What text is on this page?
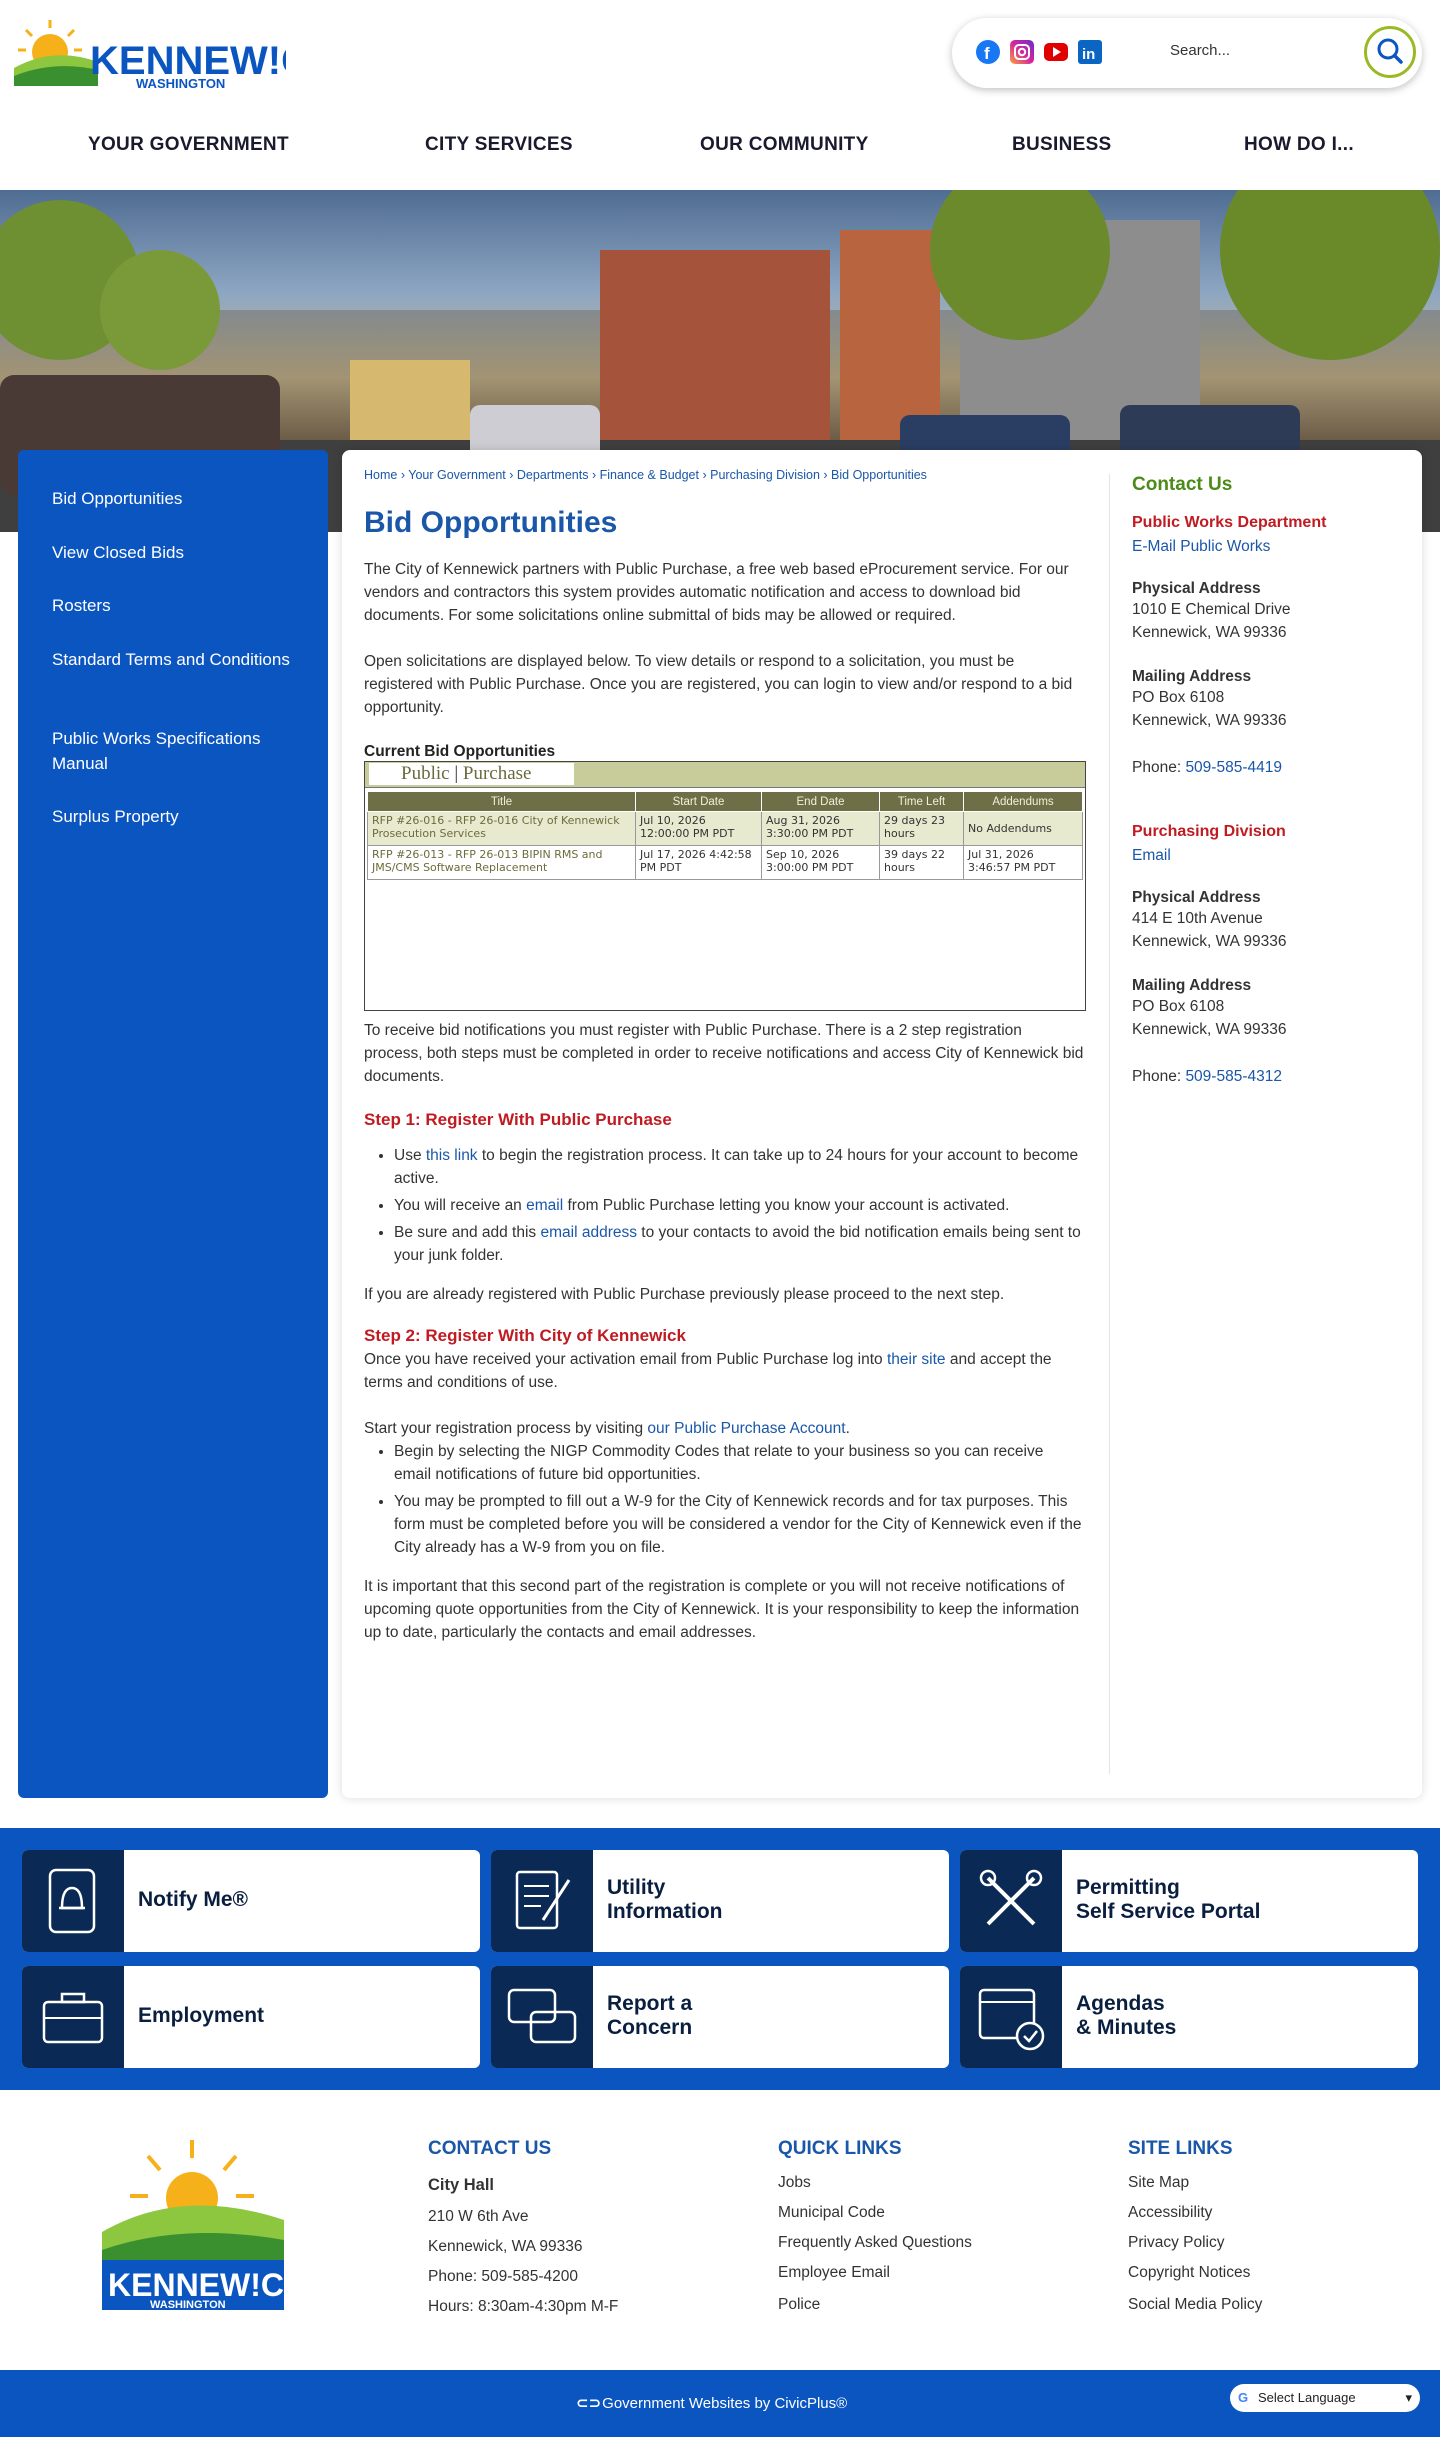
KENNEW!
WASHINGTON
f	in	Search...
YOUR GOVERNMENT	CITY SERVICES	OUR COMMUNITY	BUSINESS	HOW DO I...
Bid Opportunities
View Closed Bids
Rosters
Standard Terms and Conditions
Public Works Specifications Manual
Surplus Property
Home › Your Government › Departments › Finance & Budget › Purchasing Division › Bid Opportunities
Bid Opportunities

The City of Kennewick partners with Public Purchase, a free web based eProcurement service. For our vendors and contractors this system provides automatic notification and access to download bid documents. For some solicitations online submittal of bids may be allowed or required.

Open solicitations are displayed below. To view details or respond to a solicitation, you must be registered with Public Purchase. Once you are registered, you can login to view and/or respond to a bid opportunity.

Current Bid Opportunities
Public | Purchase
Title	Start Date	End Date	Time Left	Addendums
RFP #26-016 - RFP 26-016 City of Kennewick Prosecution Services	Jul 10, 2026 12:00:00 PM PDT	Aug 31, 2026 3:30:00 PM PDT	29 days 23 hours	No Addendums
RFP #26-013 - RFP 26-013 BIPIN RMS and JMS/CMS Software Replacement	Jul 17, 2026 4:42:58 PM PDT	Sep 10, 2026 3:00:00 PM PDT	39 days 22 hours	Jul 31, 2026 3:46:57 PM PDT

To receive bid notifications you must register with Public Purchase. There is a 2 step registration process, both steps must be completed in order to receive notifications and access City of Kennewick bid documents.

Step 1: Register With Public Purchase
• Use this link to begin the registration process. It can take up to 24 hours for your account to become active.
• You will receive an email from Public Purchase letting you know your account is activated.
• Be sure and add this email address to your contacts to avoid the bid notification emails being sent to your junk folder.

If you are already registered with Public Purchase previously please proceed to the next step.

Step 2: Register With City of Kennewick

Once you have received your activation email from Public Purchase log into their site and accept the terms and conditions of use.

Start your registration process by visiting our Public Purchase Account.

• Begin by selecting the NIGP Commodity Codes that relate to your business so you can receive email notifications of future bid opportunities.
• You may be prompted to fill out a W-9 for the City of Kennewick records and for tax purposes. This form must be completed before you will be considered a vendor for the City of Kennewick even if the City already has a W-9 from you on file.

It is important that this second part of the registration is complete or you will not receive notifications of upcoming quote opportunities from the City of Kennewick. It is your responsibility to keep the information up to date, particularly the contacts and email addresses.

Contact Us
Public Works Department
E-Mail Public Works
Physical Address
1010 E Chemical Drive
Kennewick, WA 99336
Mailing Address
PO Box 6108
Kennewick, WA 99336
Phone: 509-585-4419
Purchasing Division
Email
Physical Address
414 E 10th Avenue
Kennewick, WA 99336
Mailing Address
PO Box 6108
Kennewick, WA 99336
Phone: 509-585-4312
Notify Me®
Utility
Information
Permitting
Self Service Portal
Employment
Report a
Concern
Agendas
& Minutes
KENNEW!C
WASHINGTON
CONTACT US
City Hall
210 W 6th Ave
Kennewick, WA 99336
Phone: 509-585-4200
Hours: 8:30am-4:30pm M-F
QUICK LINKS
Jobs
Municipal Code
Frequently Asked Questions
Employee Email
Police
SITE LINKS
Site Map
Accessibility
Privacy Policy
Copyright Notices
Social Media Policy
⊂⊃ Government Websites by CivicPlus®	G Select Language	▾
